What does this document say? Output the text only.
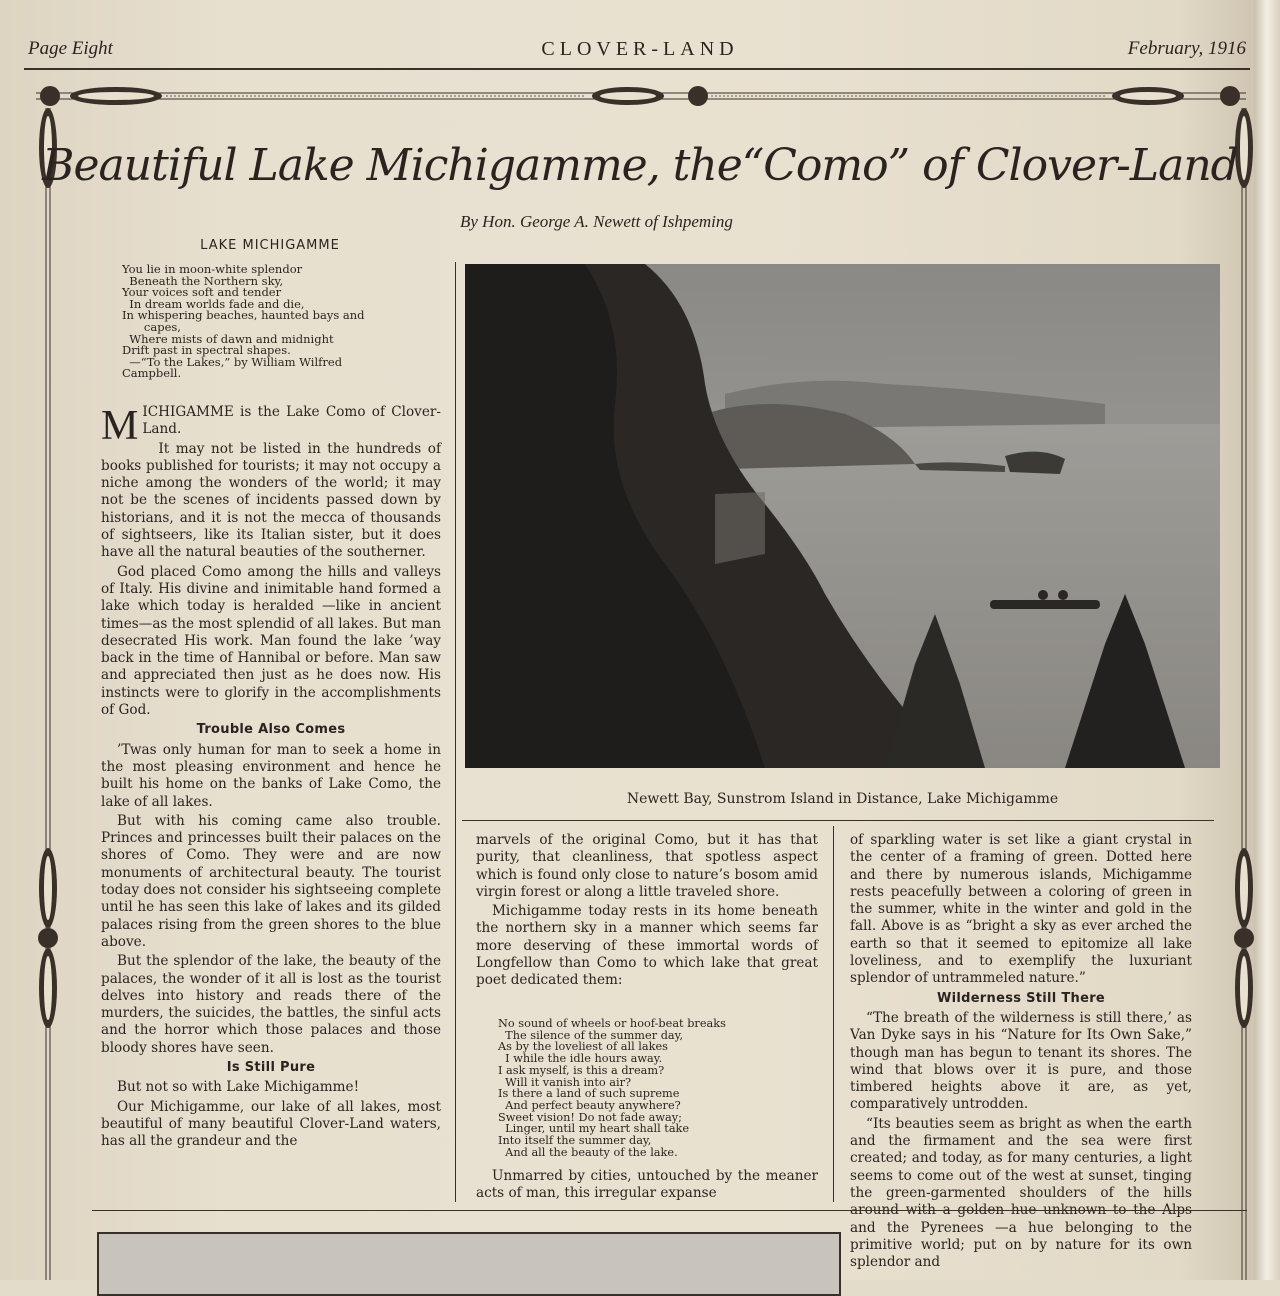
Page Eight	CLOVER-LAND	February, 1916
Beautiful Lake Michigamme, the“Como” of Clover-Land
By Hon. George A. Newett of Ishpeming
LAKE MICHIGAMME
You lie in moon-white splendor
Beneath the Northern sky,
Your voices soft and tender
In dream worlds fade and die,
In whispering beaches, haunted bays and
capes,
Where mists of dawn and midnight
Drift past in spectral shapes.
—“To the Lakes,” by William Wilfred
Campbell.

MICHIGAMME is the Lake Como of Clover-Land.

It may not be listed in the hundreds of books published for tourists; it may not occupy a niche among the wonders of the world; it may not be the scenes of incidents passed down by historians, and it is not the mecca of thousands of sightseers, like its Italian sister, but it does have all the natural beauties of the southerner.

God placed Como among the hills and valleys of Italy. His divine and inimitable hand formed a lake which today is heralded —like in ancient times—as the most splendid of all lakes. But man desecrated His work. Man found the lake ’way back in the time of Hannibal or before. Man saw and appreciated then just as he does now. His instincts were to glorify in the accomplishments of God.

Trouble Also Comes

’Twas only human for man to seek a home in the most pleasing environment and hence he built his home on the banks of Lake Como, the lake of all lakes.

But with his coming came also trouble. Princes and princesses built their palaces on the shores of Como. They were and are now monuments of architectural beauty. The tourist today does not consider his sightseeing complete until he has seen this lake of lakes and its gilded palaces rising from the green shores to the blue above.

But the splendor of the lake, the beauty of the palaces, the wonder of it all is lost as the tourist delves into history and reads there of the murders, the suicides, the battles, the sinful acts and the horror which those palaces and those bloody shores have seen.

Is Still Pure

But not so with Lake Michigamme!

Our Michigamme, our lake of all lakes, most beautiful of many beautiful Clover-Land waters, has all the grandeur and the

Newett Bay, Sunstrom Island in Distance, Lake Michigamme

marvels of the original Como, but it has that purity, that cleanliness, that spotless aspect which is found only close to nature’s bosom amid virgin forest or along a little traveled shore.

Michigamme today rests in its home beneath the northern sky in a manner which seems far more deserving of these immortal words of Longfellow than Como to which lake that great poet dedicated them:

No sound of wheels or hoof-beat breaks
The silence of the summer day,
As by the loveliest of all lakes
I while the idle hours away.
I ask myself, is this a dream?
Will it vanish into air?
Is there a land of such supreme
And perfect beauty anywhere?
Sweet vision! Do not fade away;
Linger, until my heart shall take
Into itself the summer day,
And all the beauty of the lake.

Unmarred by cities, untouched by the meaner acts of man, this irregular expanse

of sparkling water is set like a giant crystal in the center of a framing of green. Dotted here and there by numerous islands, Michigamme rests peacefully between a coloring of green in the summer, white in the winter and gold in the fall. Above is as “bright a sky as ever arched the earth so that it seemed to epitomize all lake loveliness, and to exemplify the luxuriant splendor of untrammeled nature.”

Wilderness Still There

“The breath of the wilderness is still there,’ as Van Dyke says in his “Nature for Its Own Sake,” though man has begun to tenant its shores. The wind that blows over it is pure, and those timbered heights above it are, as yet, comparatively untrodden.

“Its beauties seem as bright as when the earth and the firmament and the sea were first created; and today, as for many centuries, a light seems to come out of the west at sunset, tinging the green-garmented shoulders of the hills around with a golden hue unknown to the Alps and the Pyrenees —a hue belonging to the primitive world; put on by nature for its own splendor and
